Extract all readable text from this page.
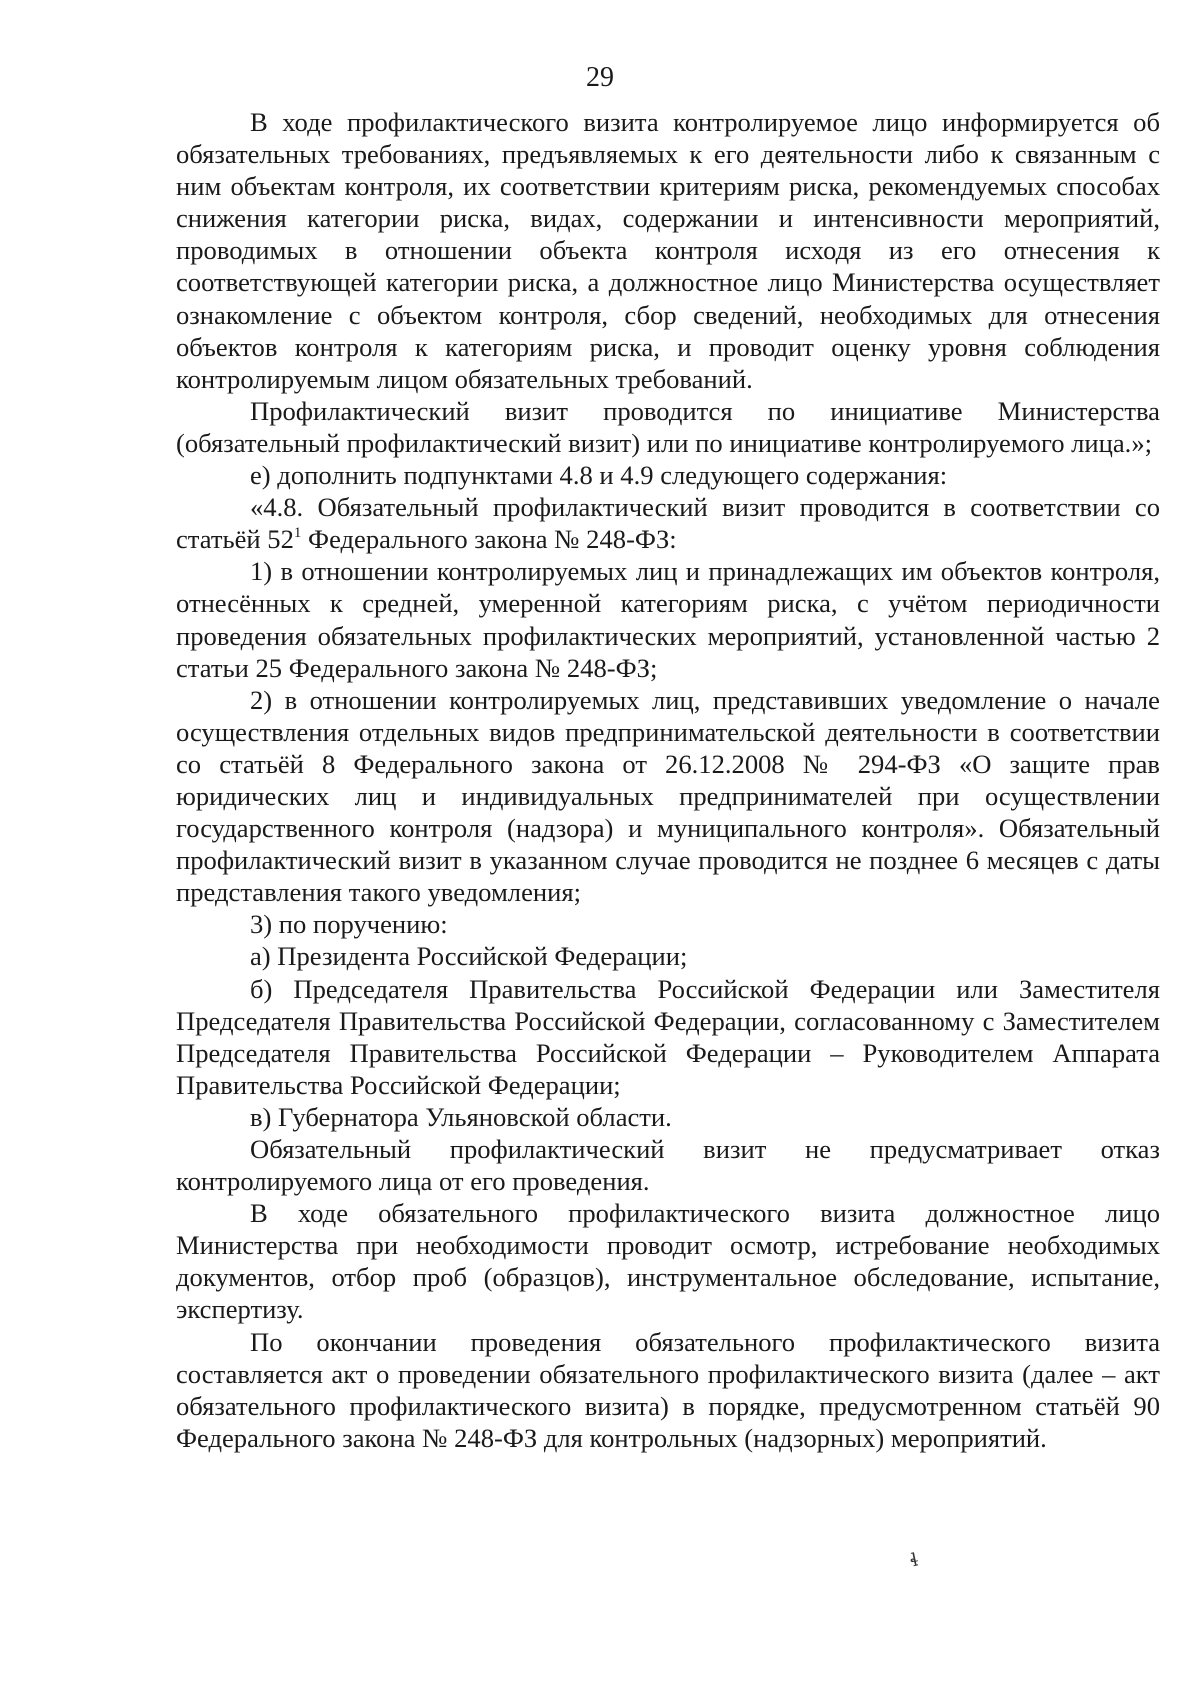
29

В ходе профилактического визита контролируемое лицо информируется об обязательных требованиях, предъявляемых к его деятельности либо к связанным с ним объектам контроля, их соответствии критериям риска, рекомендуемых способах снижения категории риска, видах, содержании и интенсивности мероприятий, проводимых в отношении объекта контроля исходя из его отнесения к соответствующей категории риска, а должностное лицо Министерства осуществляет ознакомление с объектом контроля, сбор сведений, необходимых для отнесения объектов контроля к категориям риска, и проводит оценку уровня соблюдения контролируемым лицом обязательных требований.

Профилактический визит проводится по инициативе Министерства (обязательный профилактический визит) или по инициативе контролируемого лица.»;

е) дополнить подпунктами 4.8 и 4.9 следующего содержания:

«4.8. Обязательный профилактический визит проводится в соответствии со статьёй $52^1$ Федерального закона № 248-ФЗ:

1) в отношении контролируемых лиц и принадлежащих им объектов контроля, отнесённых к средней, умеренной категориям риска, с учётом периодичности проведения обязательных профилактических мероприятий, установленной частью 2 статьи 25 Федерального закона № 248-ФЗ;

2) в отношении контролируемых лиц, представивших уведомление о начале осуществления отдельных видов предпринимательской деятельности в соответствии со статьёй 8 Федерального закона от 26.12.2008 № 294-ФЗ «О защите прав юридических лиц и индивидуальных предпринимателей при осуществлении государственного контроля (надзора) и муниципального контроля». Обязательный профилактический визит в указанном случае проводится не позднее 6 месяцев с даты представления такого уведомления;

3) по поручению:

а) Президента Российской Федерации;

б) Председателя Правительства Российской Федерации или Заместителя Председателя Правительства Российской Федерации, согласованному с Заместителем Председателя Правительства Российской Федерации – Руководителем Аппарата Правительства Российской Федерации;

в) Губернатора Ульяновской области.

Обязательный профилактический визит не предусматривает отказ контролируемого лица от его проведения.

В ходе обязательного профилактического визита должностное лицо Министерства при необходимости проводит осмотр, истребование необходимых документов, отбор проб (образцов), инструментальное обследование, испытание, экспертизу.

По окончании проведения обязательного профилактического визита составляется акт о проведении обязательного профилактического визита (далее – акт обязательного профилактического визита) в порядке, предусмотренном статьёй 90 Федерального закона № 248-ФЗ для контрольных (надзорных) мероприятий.

ɬ
